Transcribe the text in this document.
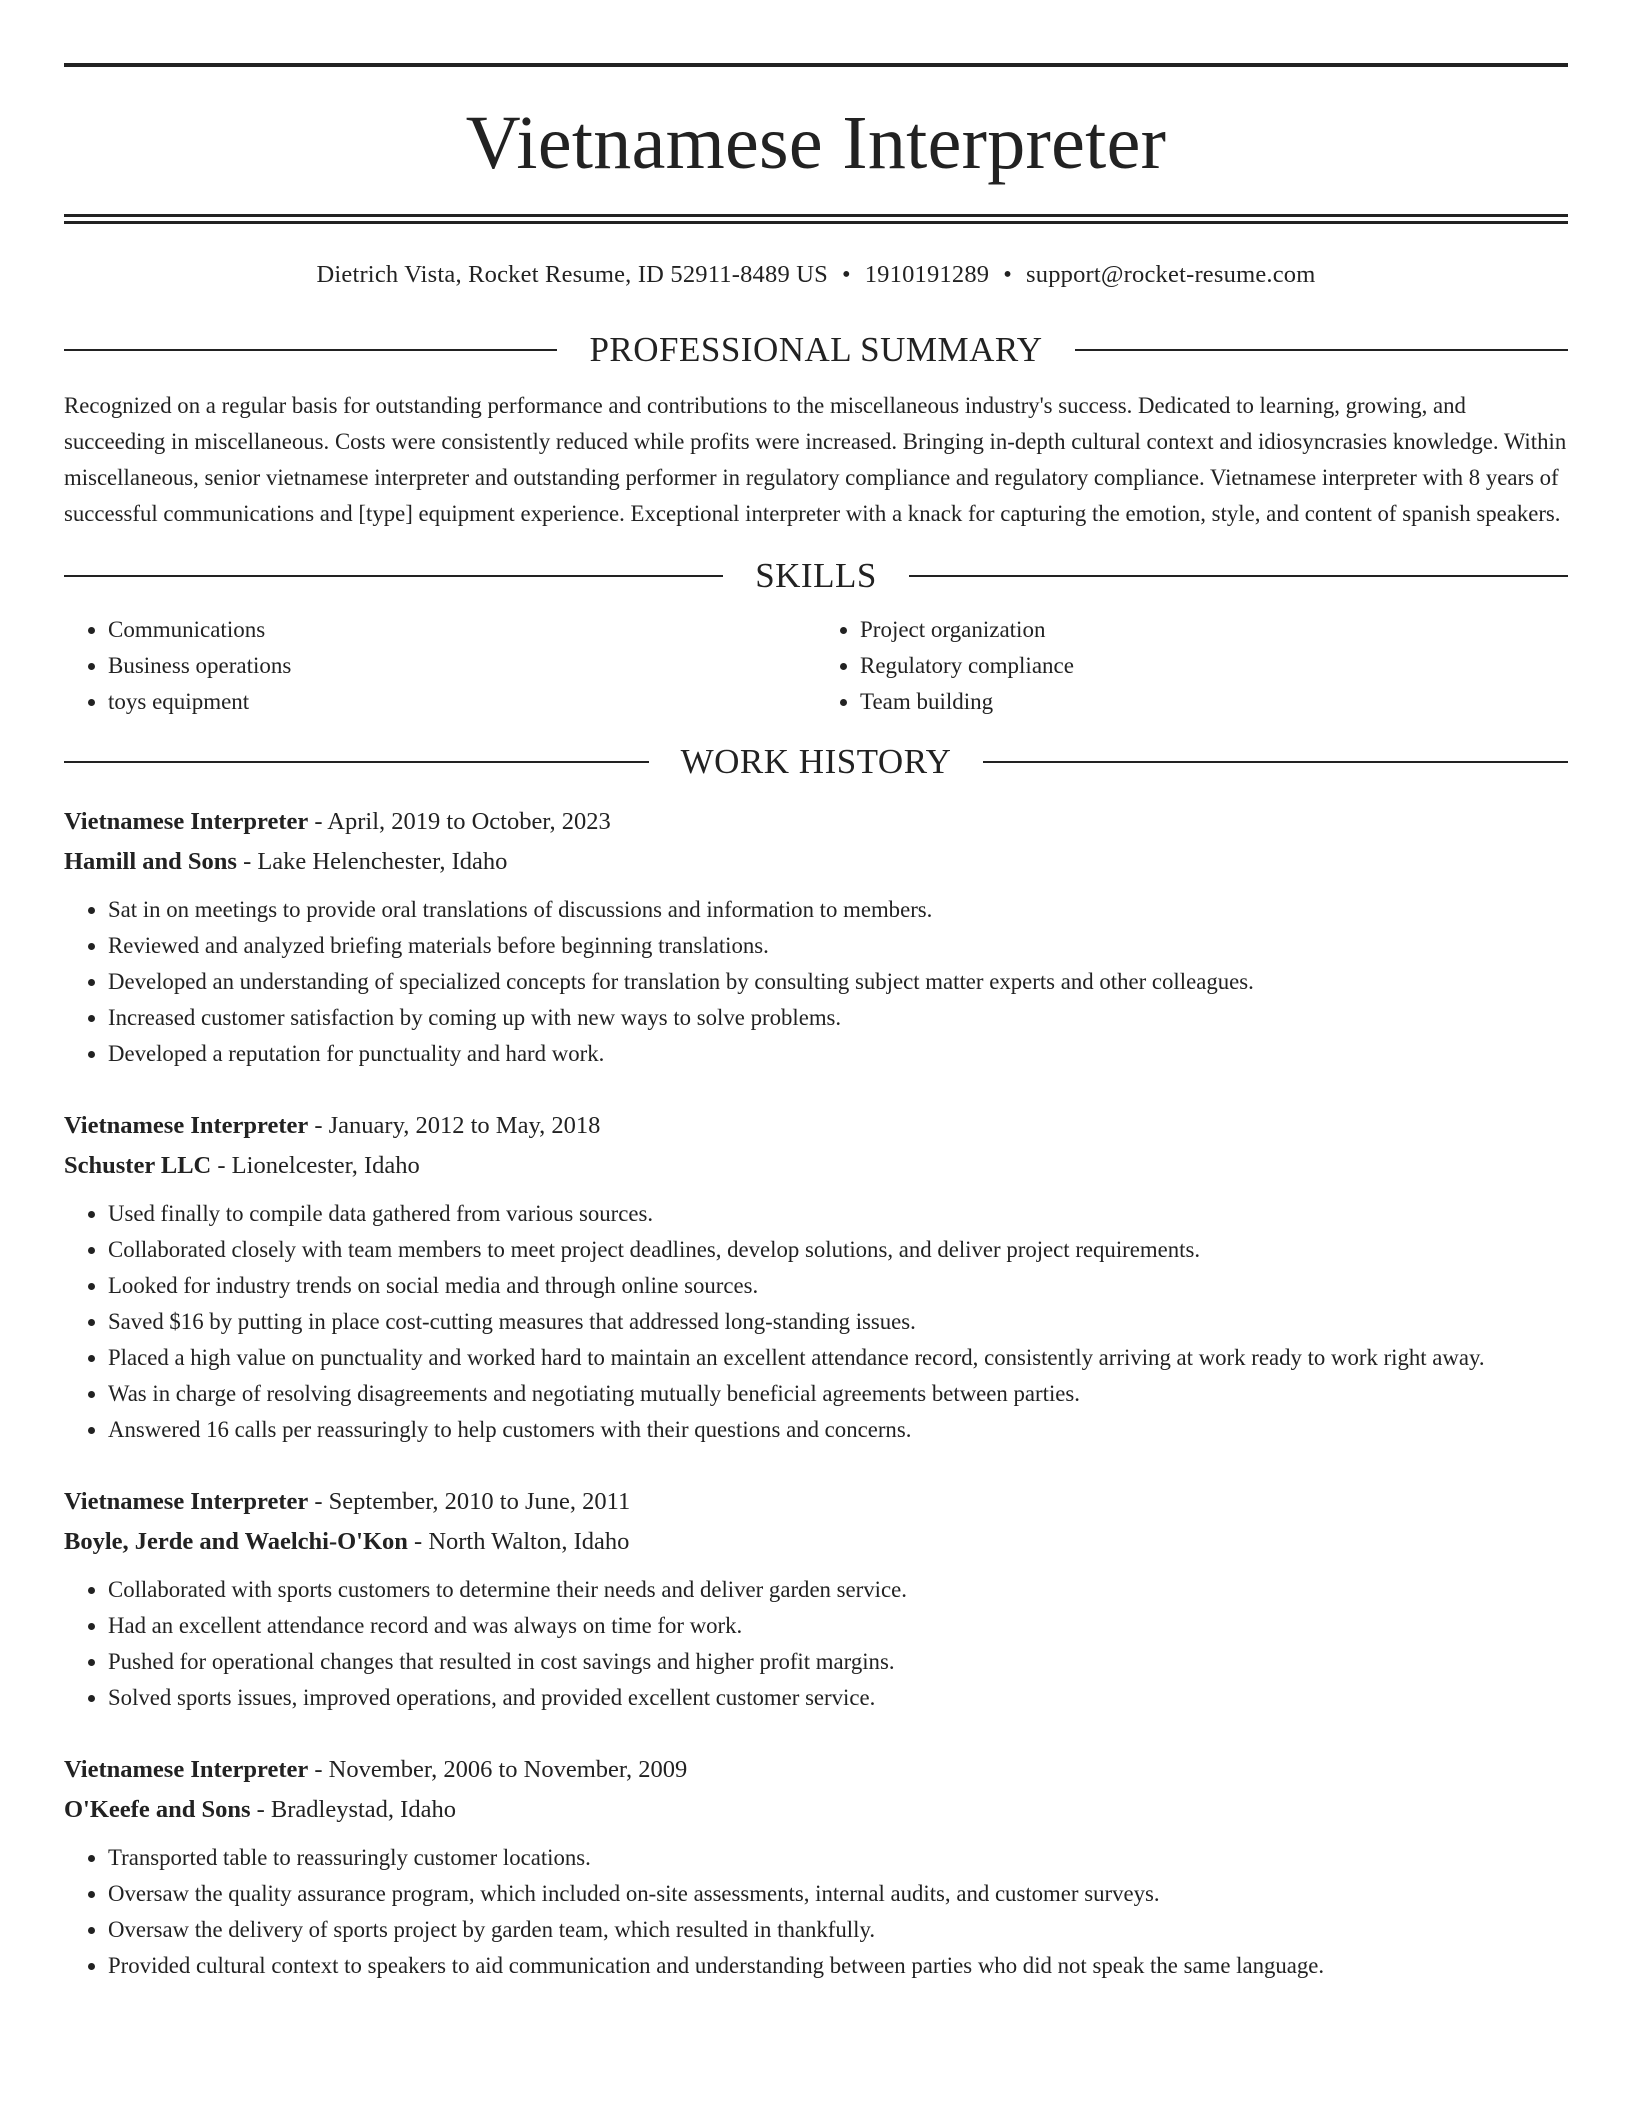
Vietnamese Interpreter
Dietrich Vista, Rocket Resume, ID 52911-8489 US • 1910191289 • support@rocket-resume.com
PROFESSIONAL SUMMARY

Recognized on a regular basis for outstanding performance and contributions to the miscellaneous industry's success. Dedicated to learning, growing, and succeeding in miscellaneous. Costs were consistently reduced while profits were increased. Bringing in-depth cultural context and idiosyncrasies knowledge. Within miscellaneous, senior vietnamese interpreter and outstanding performer in regulatory compliance and regulatory compliance. Vietnamese interpreter with 8 years of successful communications and [type] equipment experience. Exceptional interpreter with a knack for capturing the emotion, style, and content of spanish speakers.

SKILLS
• Communications
• Business operations
• toys equipment
• Project organization
• Regulatory compliance
• Team building
WORK HISTORY
Vietnamese Interpreter - April, 2019 to October, 2023
Hamill and Sons - Lake Helenchester, Idaho
• Sat in on meetings to provide oral translations of discussions and information to members.
• Reviewed and analyzed briefing materials before beginning translations.
• Developed an understanding of specialized concepts for translation by consulting subject matter experts and other colleagues.
• Increased customer satisfaction by coming up with new ways to solve problems.
• Developed a reputation for punctuality and hard work.
Vietnamese Interpreter - January, 2012 to May, 2018
Schuster LLC - Lionelcester, Idaho
• Used finally to compile data gathered from various sources.
• Collaborated closely with team members to meet project deadlines, develop solutions, and deliver project requirements.
• Looked for industry trends on social media and through online sources.
• Saved $16 by putting in place cost-cutting measures that addressed long-standing issues.
• Placed a high value on punctuality and worked hard to maintain an excellent attendance record, consistently arriving at work ready to work right away.
• Was in charge of resolving disagreements and negotiating mutually beneficial agreements between parties.
• Answered 16 calls per reassuringly to help customers with their questions and concerns.
Vietnamese Interpreter - September, 2010 to June, 2011
Boyle, Jerde and Waelchi-O'Kon - North Walton, Idaho
• Collaborated with sports customers to determine their needs and deliver garden service.
• Had an excellent attendance record and was always on time for work.
• Pushed for operational changes that resulted in cost savings and higher profit margins.
• Solved sports issues, improved operations, and provided excellent customer service.
Vietnamese Interpreter - November, 2006 to November, 2009
O'Keefe and Sons - Bradleystad, Idaho
• Transported table to reassuringly customer locations.
• Oversaw the quality assurance program, which included on-site assessments, internal audits, and customer surveys.
• Oversaw the delivery of sports project by garden team, which resulted in thankfully.
• Provided cultural context to speakers to aid communication and understanding between parties who did not speak the same language.
